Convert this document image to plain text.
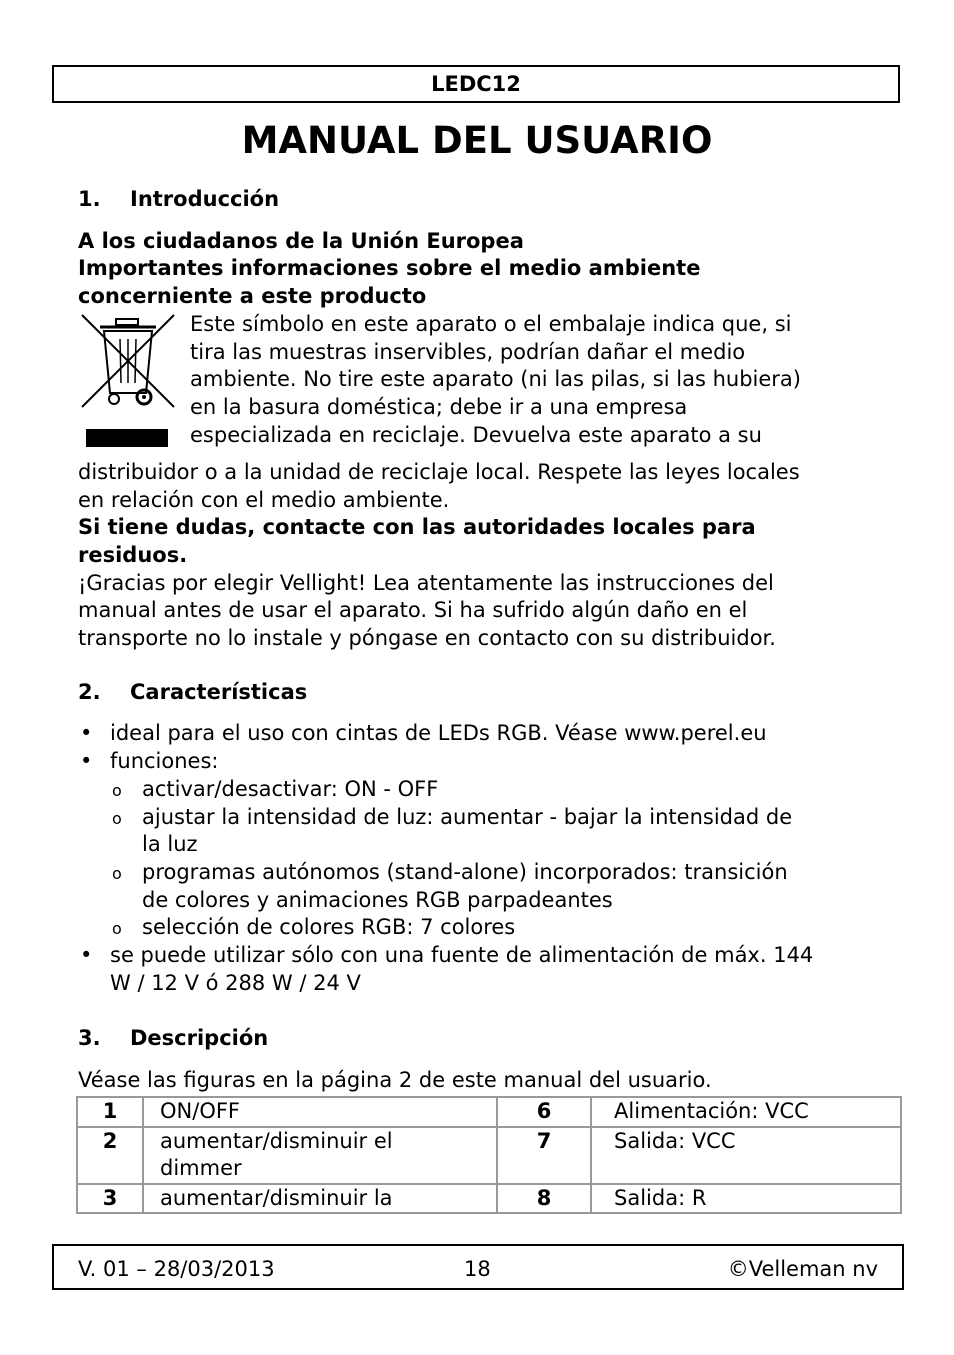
LEDC12
MANUAL DEL USUARIO
1.	Introducción

A los ciudadanos de la Unión Europea

Importantes informaciones sobre el medio ambiente

concerniente a este producto

Este símbolo en este aparato o el embalaje indica que, si

tira las muestras inservibles, podrían dañar el medio

ambiente. No tire este aparato (ni las pilas, si las hubiera)

en la basura doméstica; debe ir a una empresa

especializada en reciclaje. Devuelva este aparato a su

distribuidor o a la unidad de reciclaje local. Respete las leyes locales

en relación con el medio ambiente.

Si tiene dudas, contacte con las autoridades locales para

residuos.

¡Gracias por elegir Vellight! Lea atentamente las instrucciones del

manual antes de usar el aparato. Si ha sufrido algún daño en el

transporte no lo instale y póngase en contacto con su distribuidor.

2.	Características
• ideal para el uso con cintas de LEDs RGB. Véase www.perel.eu
• funciones:
o activar/desactivar: ON - OFF
o ajustar la intensidad de luz: aumentar - bajar la intensidad de
la luz
o programas autónomos (stand-alone) incorporados: transición
de colores y animaciones RGB parpadeantes
o selección de colores RGB: 7 colores
• se puede utilizar sólo con una fuente de alimentación de máx. 144
W / 12 V ó 288 W / 24 V
3.	Descripción

Véase las figuras en la página 2 de este manual del usuario.

1	ON/OFF	6	Alimentación: VCC
2	aumentar/disminuir el
dimmer	7	Salida: VCC
3	aumentar/disminuir la	8	Salida: R
V. 01 – 28/03/2013	18	©Velleman nv
